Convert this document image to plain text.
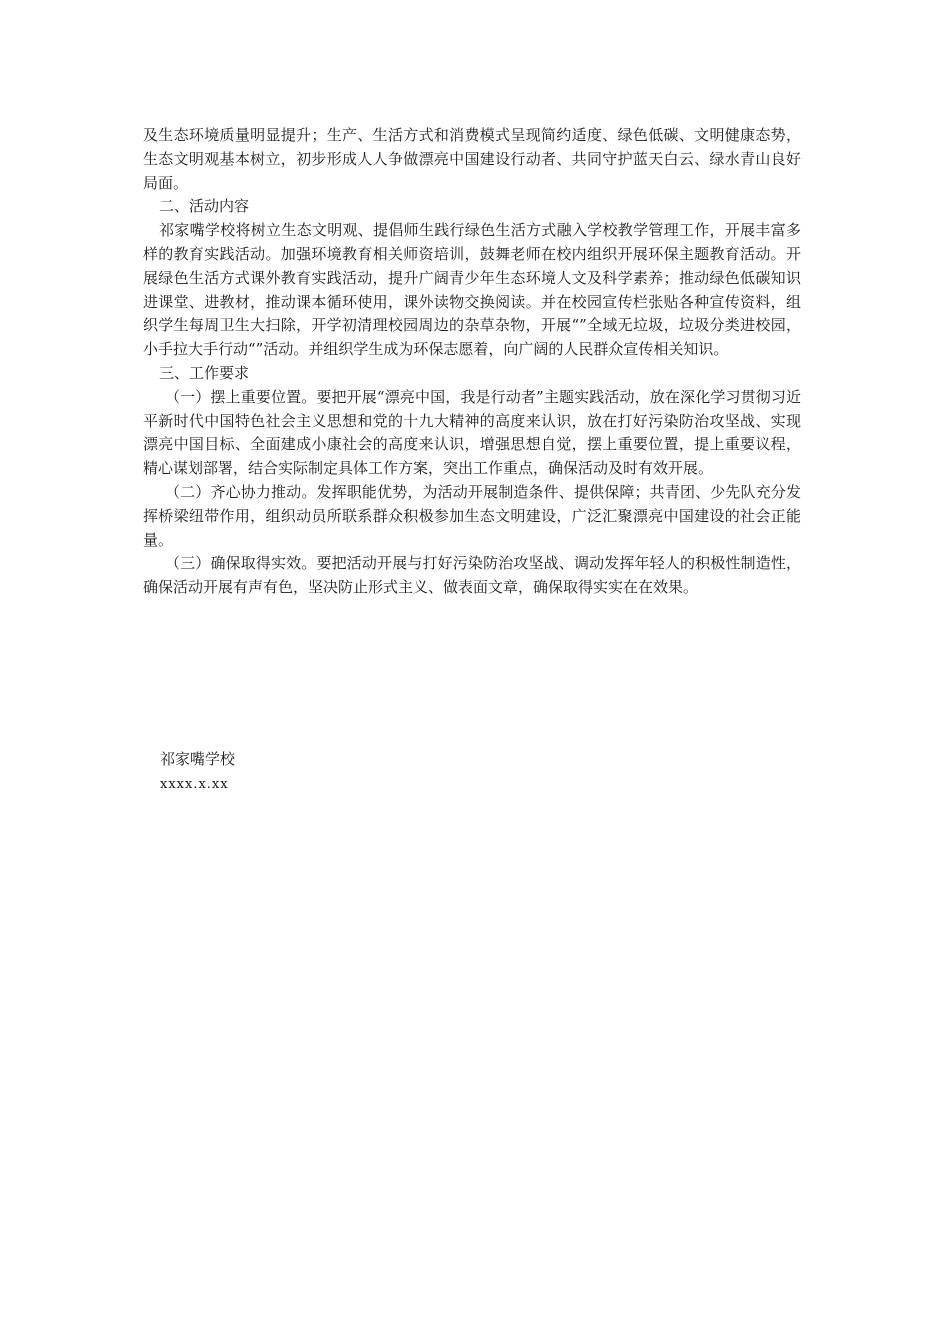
及生态环境质量明显提升；生产、生活方式和消费模式呈现简约适度、绿色低碳、文明健康态势，生态文明观基本树立，初步形成人人争做漂亮中国建设行动者、共同守护蓝天白云、绿水青山良好局面。

二、活动内容

祁家嘴学校将树立生态文明观、提倡师生践行绿色生活方式融入学校教学管理工作，开展丰富多样的教育实践活动。加强环境教育相关师资培训，鼓舞老师在校内组织开展环保主题教育活动。开展绿色生活方式课外教育实践活动，提升广阔青少年生态环境人文及科学素养；推动绿色低碳知识进课堂、进教材，推动课本循环使用，课外读物交换阅读。并在校园宣传栏张贴各种宣传资料，组织学生每周卫生大扫除，开学初清理校园周边的杂草杂物，开展“”全域无垃圾，垃圾分类进校园，小手拉大手行动“”活动。并组织学生成为环保志愿着，向广阔的人民群众宣传相关知识。

三、工作要求

（一）摆上重要位置。要把开展“漂亮中国，我是行动者”主题实践活动，放在深化学习贯彻习近平新时代中国特色社会主义思想和党的十九大精神的高度来认识，放在打好污染防治攻坚战、实现漂亮中国目标、全面建成小康社会的高度来认识，增强思想自觉，摆上重要位置，提上重要议程，精心谋划部署，结合实际制定具体工作方案，突出工作重点，确保活动及时有效开展。

（二）齐心协力推动。发挥职能优势，为活动开展制造条件、提供保障；共青团、少先队充分发挥桥梁纽带作用，组织动员所联系群众积极参加生态文明建设，广泛汇聚漂亮中国建设的社会正能量。

（三）确保取得实效。要把活动开展与打好污染防治攻坚战、调动发挥年轻人的积极性制造性，确保活动开展有声有色，坚决防止形式主义、做表面文章，确保取得实实在在效果。

祁家嘴学校
xxxx.x.xx
